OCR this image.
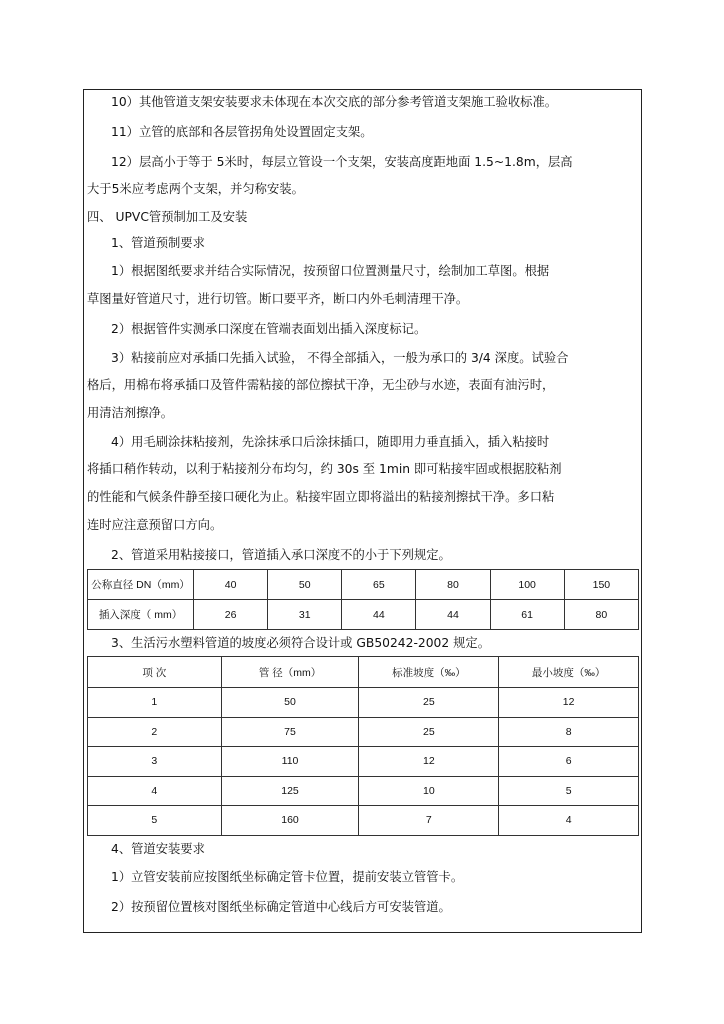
10）其他管道支架安装要求未体现在本次交底的部分参考管道支架施工验收标准。
11）立管的底部和各层管拐角处设置固定支架。
12）层高小于等于 5米时，每层立管设一个支架，安装高度距地面 1.5~1.8m，层高
大于5米应考虑两个支架，并匀称安装。
四、 UPVC管预制加工及安装
1、管道预制要求
1）根据图纸要求并结合实际情况，按预留口位置测量尺寸，绘制加工草图。根据
草图量好管道尺寸，进行切管。断口要平齐，断口内外毛刺清理干净。
2）根据管件实测承口深度在管端表面划出插入深度标记。
3）粘接前应对承插口先插入试验， 不得全部插入，一般为承口的 3/4 深度。试验合
格后，用棉布将承插口及管件需粘接的部位擦拭干净，无尘砂与水迹，表面有油污时，
用清洁剂擦净。
4）用毛刷涂抹粘接剂，先涂抹承口后涂抹插口，随即用力垂直插入，插入粘接时
将插口稍作转动，以利于粘接剂分布均匀，约 30s 至 1min 即可粘接牢固或根据胶粘剂
的性能和气候条件静至接口硬化为止。粘接牢固立即将溢出的粘接剂擦拭干净。多口粘
连时应注意预留口方向。
2、管道采用粘接接口，管道插入承口深度不的小于下列规定。
公称直径 DN（mm）	40	50	65	80	100	150
插入深度（ mm）	26	31	44	44	61	80
3、生活污水塑料管道的坡度必须符合设计或 GB50242-2002 规定。
项 次	管 径（mm）	标准坡度（‰）	最小坡度（‰）
1	50	25	12
2	75	25	8
3	110	12	6
4	125	10	5
5	160	7	4
4、管道安装要求
1）立管安装前应按图纸坐标确定管卡位置，提前安装立管管卡。
2）按预留位置核对图纸坐标确定管道中心线后方可安装管道。
